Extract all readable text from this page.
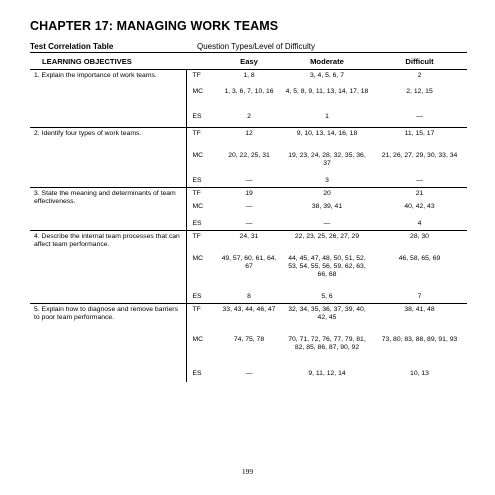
CHAPTER 17: MANAGING WORK TEAMS
Test Correlation Table	Question Types/Level of Difficulty
LEARNING OBJECTIVES		Easy	Moderate	Difficult
1. Explain the importance of work teams.	TF	1, 8	3, 4, 5, 6, 7	2
	MC	1, 3, 6, 7, 10, 16	4, 5, 8, 9, 11, 13, 14, 17, 18	2, 12, 15
	ES	2	1	—
2. Identify four types of work teams.	TF	12	9, 10, 13, 14, 16, 18	11, 15, 17
	MC	20, 22, 25, 31	19, 23, 24, 28, 32, 35, 36, 37	21, 26, 27, 29, 30, 33, 34
	ES	—	3	—
3. State the meaning and determinants of team effectiveness.	TF	19	20	21
	MC	—	38, 39, 41	40, 42, 43
	ES	—	—	4
4. Describe the internal team processes that can affect team performance.	TF	24, 31	22, 23, 25, 26, 27, 29	28, 30
	MC	49, 57, 60, 61, 64, 67	44, 45, 47, 48, 50, 51, 52, 53, 54, 55, 56, 59, 62, 63, 66, 68	46, 58, 65, 69
	ES	8	5, 6	7
5. Explain how to diagnose and remove barriers to poor team performance.	TF	33, 43, 44, 46, 47	32, 34, 35, 36, 37, 39, 40, 42, 45	38, 41, 48
	MC	74, 75, 78	70, 71, 72, 76, 77, 79, 81, 82, 85, 86, 87, 90, 92	73, 80, 83, 88, 89, 91, 93
	ES	—	9, 11, 12, 14	10, 13
199
